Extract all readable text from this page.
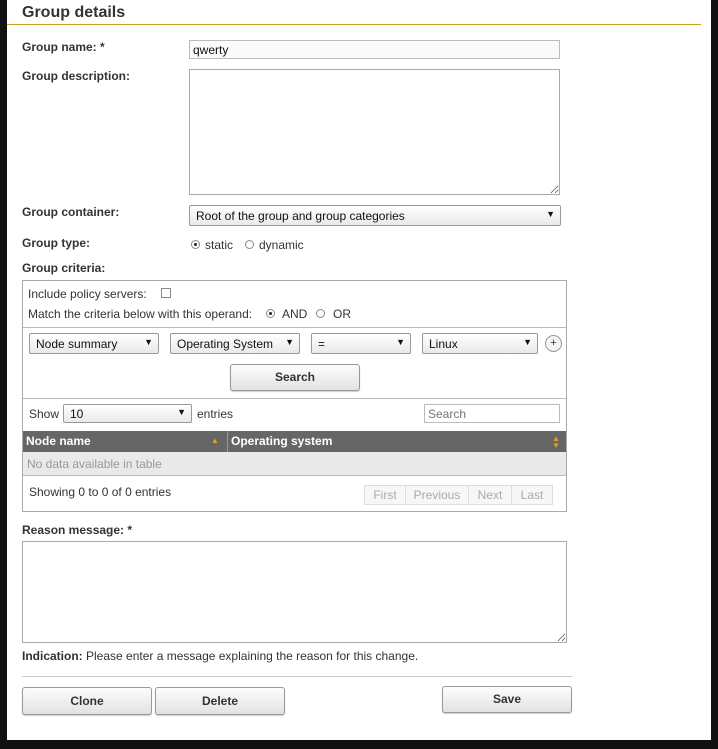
Group details
Group name: *
qwerty
Group description:
Group container:	Root of the group and group categories	▼
Group type:	static dynamic
Group criteria:
Include policy servers:
Match the criteria below with this operand: AND OR
Node summary	▼ Operating System ▼ =	▼ Linux	▼	+
Search
Show 10	▼ entries
Search
Node name	▲ Operating system	▲
▼
No data available in table
Showing 0 to 0 of 0 entries	First	Previous	Next	Last
Reason message: *
Indication: Please enter a message explaining the reason for this change.
Clone	Delete	Save
